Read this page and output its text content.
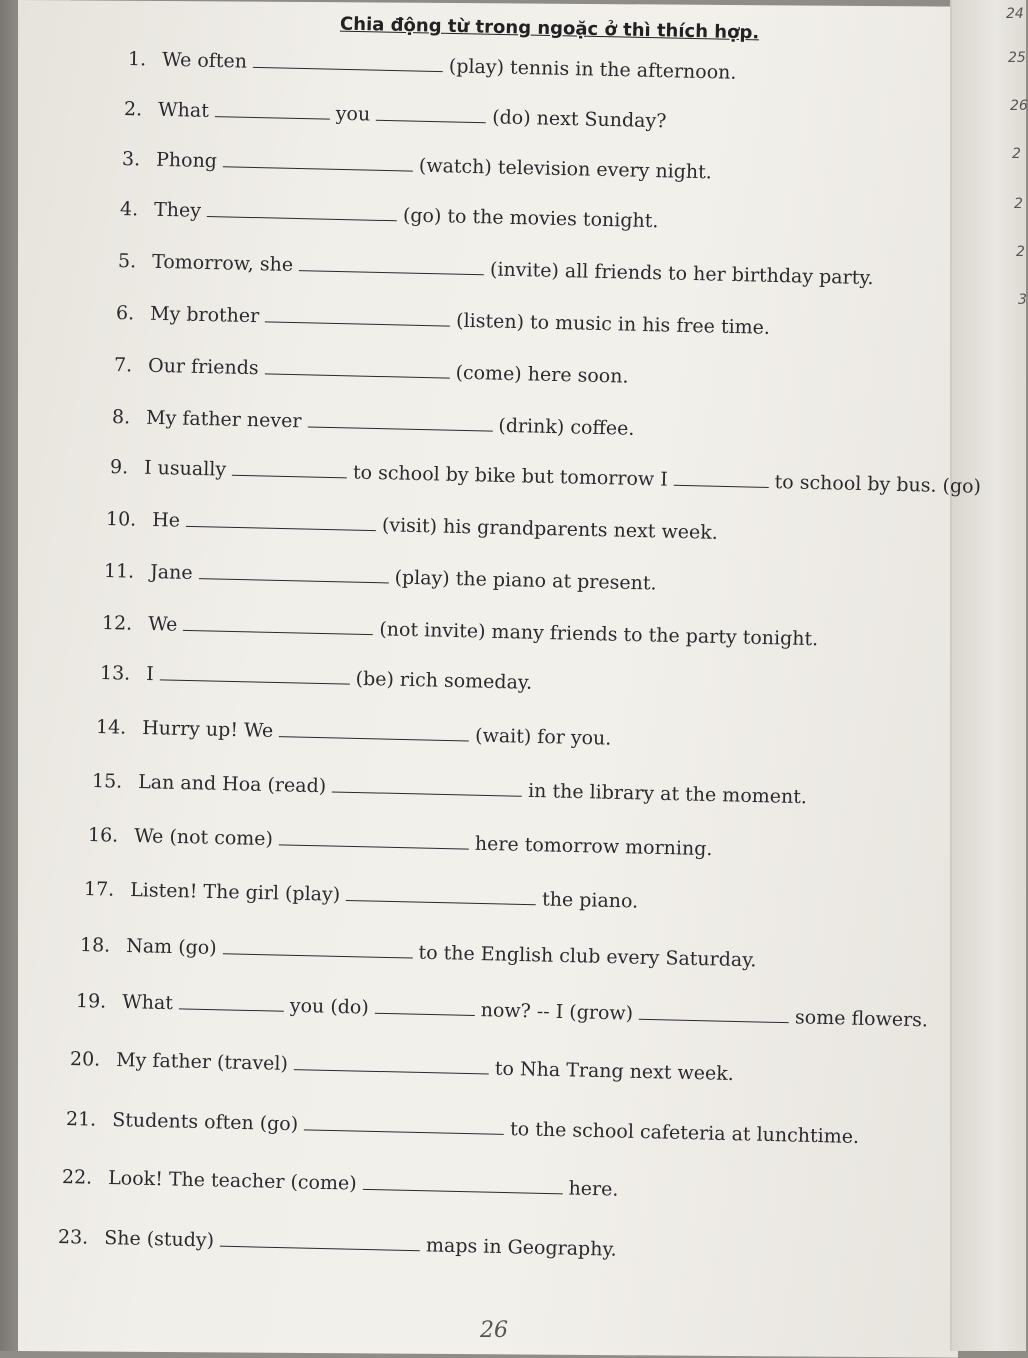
24
25
26
2
2
2
3
Chia động từ trong ngoặc ở thì thích hợp.
1. We often	(play) tennis in the afternoon.
2. What	you	(do) next Sunday?
3. Phong	(watch) television every night.
4. They	(go) to the movies tonight.
5. Tomorrow, she	(invite) all friends to her birthday party.
6. My brother	(listen) to music in his free time.
7. Our friends	(come) here soon.
8. My father never	(drink) coffee.
9. I usually	to school by bike but tomorrow I	to school by bus. (go)
10. He	(visit) his grandparents next week.
11. Jane	(play) the piano at present.
12. We	(not invite) many friends to the party tonight.
13. I	(be) rich someday.
14. Hurry up! We	(wait) for you.
15. Lan and Hoa (read)	in the library at the moment.
16. We (not come)	here tomorrow morning.
17. Listen! The girl (play)	the piano.
18. Nam (go)	to the English club every Saturday.
19. What	you (do)	now? -- I (grow)	some flowers.
20. My father (travel)	to Nha Trang next week.
21. Students often (go)	to the school cafeteria at lunchtime.
22. Look! The teacher (come)	here.
23. She (study)	maps in Geography.
26
